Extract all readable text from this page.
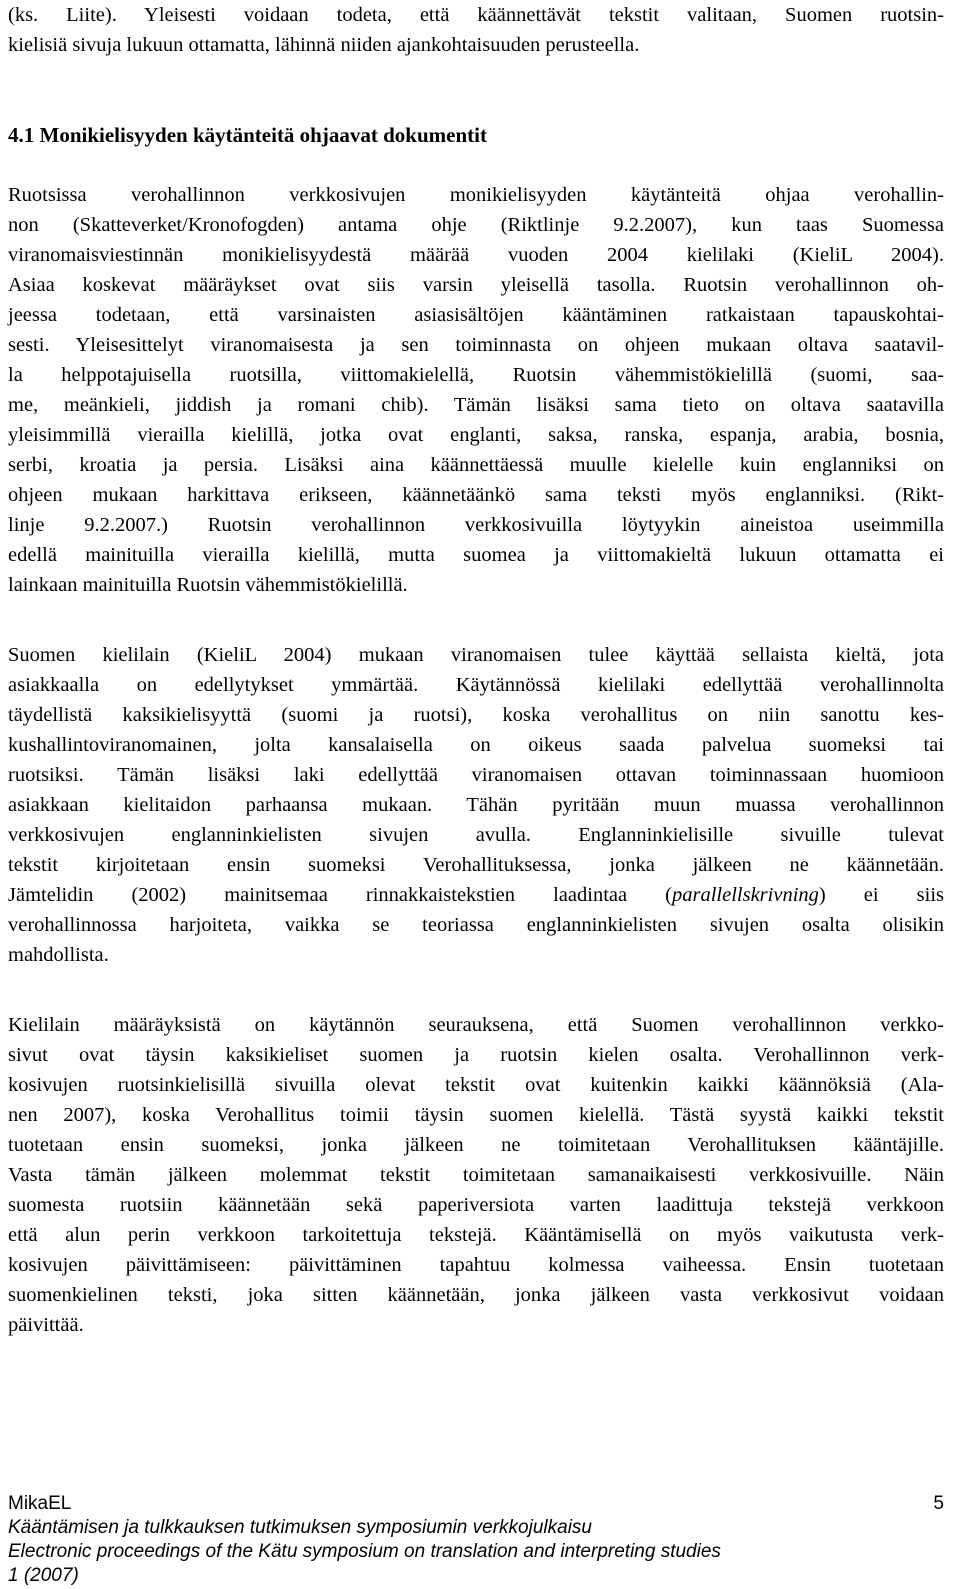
(ks. Liite). Yleisesti voidaan todeta, että käännettävät tekstit valitaan, Suomen ruotsin-
kielisiä sivuja lukuun ottamatta, lähinnä niiden ajankohtaisuuden perusteella.
4.1 Monikielisyyden käytänteitä ohjaavat dokumentit
Ruotsissa verohallinnon verkkosivujen monikielisyyden käytänteitä ohjaa verohallin-
non (Skatteverket/Kronofogden) antama ohje (Riktlinje 9.2.2007), kun taas Suomessa
viranomaisviestinnän monikielisyydestä määrää vuoden 2004 kielilaki (KieliL 2004).
Asiaa koskevat määräykset ovat siis varsin yleisellä tasolla. Ruotsin verohallinnon oh-
jeessa todetaan, että varsinaisten asiasisältöjen kääntäminen ratkaistaan tapauskohtai-
sesti. Yleisesittelyt viranomaisesta ja sen toiminnasta on ohjeen mukaan oltava saatavil-
la helppotajuisella ruotsilla, viittomakielellä, Ruotsin vähemmistökielillä (suomi, saa-
me, meänkieli, jiddish ja romani chib). Tämän lisäksi sama tieto on oltava saatavilla
yleisimmillä vierailla kielillä, jotka ovat englanti, saksa, ranska, espanja, arabia, bosnia,
serbi, kroatia ja persia. Lisäksi aina käännettäessä muulle kielelle kuin englanniksi on
ohjeen mukaan harkittava erikseen, käännetäänkö sama teksti myös englanniksi. (Rikt-
linje 9.2.2007.) Ruotsin verohallinnon verkkosivuilla löytyykin aineistoa useimmilla
edellä mainituilla vierailla kielillä, mutta suomea ja viittomakieltä lukuun ottamatta ei
lainkaan mainituilla Ruotsin vähemmistökielillä.
Suomen kielilain (KieliL 2004) mukaan viranomaisen tulee käyttää sellaista kieltä, jota
asiakkaalla on edellytykset ymmärtää. Käytännössä kielilaki edellyttää verohallinnolta
täydellistä kaksikielisyyttä (suomi ja ruotsi), koska verohallitus on niin sanottu kes-
kushallintoviranomainen, jolta kansalaisella on oikeus saada palvelua suomeksi tai
ruotsiksi. Tämän lisäksi laki edellyttää viranomaisen ottavan toiminnassaan huomioon
asiakkaan kielitaidon parhaansa mukaan. Tähän pyritään muun muassa verohallinnon
verkkosivujen englanninkielisten sivujen avulla. Englanninkielisille sivuille tulevat
tekstit kirjoitetaan ensin suomeksi Verohallituksessa, jonka jälkeen ne käännetään.
Jämtelidin (2002) mainitsemaa rinnakkaistekstien laadintaa (parallellskrivning) ei siis
verohallinnossa harjoiteta, vaikka se teoriassa englanninkielisten sivujen osalta olisikin
mahdollista.
Kielilain määräyksistä on käytännön seurauksena, että Suomen verohallinnon verkko-
sivut ovat täysin kaksikieliset suomen ja ruotsin kielen osalta. Verohallinnon verk-
kosivujen ruotsinkielisillä sivuilla olevat tekstit ovat kuitenkin kaikki käännöksiä (Ala-
nen 2007), koska Verohallitus toimii täysin suomen kielellä. Tästä syystä kaikki tekstit
tuotetaan ensin suomeksi, jonka jälkeen ne toimitetaan Verohallituksen kääntäjille.
Vasta tämän jälkeen molemmat tekstit toimitetaan samanaikaisesti verkkosivuille. Näin
suomesta ruotsiin käännetään sekä paperiversiota varten laadittuja tekstejä verkkoon
että alun perin verkkoon tarkoitettuja tekstejä. Kääntämisellä on myös vaikutusta verk-
kosivujen päivittämiseen: päivittäminen tapahtuu kolmessa vaiheessa. Ensin tuotetaan
suomenkielinen teksti, joka sitten käännetään, jonka jälkeen vasta verkkosivut voidaan
päivittää.
MikaEL	5
Kääntämisen ja tulkkauksen tutkimuksen symposiumin verkkojulkaisu
Electronic proceedings of the Kätu symposium on translation and interpreting studies
1 (2007)
